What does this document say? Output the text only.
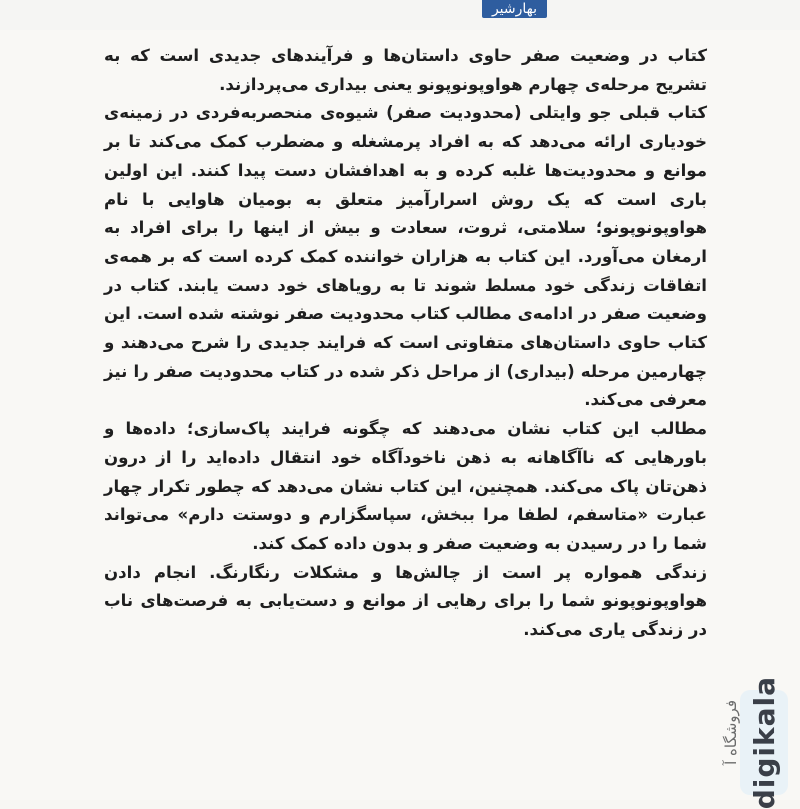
بهارشیر

کتاب در وضعیت صفر حاوی داستان‌ها و فرآیندهای جدیدی است که به تشریح مرحله‌ی چهارم هواوپونوپونو یعنی بیداری می‌پردازند.

کتاب قبلی جو وایتلی (محدودیت صفر) شیوه‌ی منحصربه‌فردی در زمینه‌ی خودیاری ارائه می‌دهد که به افراد پرمشغله و مضطرب کمک می‌کند تا بر موانع و محدودیت‌ها غلبه کرده و به اهدافشان دست پیدا کنند. این اولین باری است که یک روش اسرارآمیز متعلق به بومیان هاوایی با نام هواوپونوپونو؛ سلامتی، ثروت، سعادت و بیش از اینها را برای افراد به ارمغان می‌آورد. این کتاب به هزاران خواننده کمک کرده است که بر همه‌ی اتفاقات زندگی خود مسلط شوند تا به رویاهای خود دست یابند. کتاب در وضعیت صفر در ادامه‌ی مطالب کتاب محدودیت صفر نوشته شده است. این کتاب حاوی داستان‌های متفاوتی است که فرایند جدیدی را شرح می‌دهند و چهارمین مرحله (بیداری) از مراحل ذکر شده در کتاب محدودیت صفر را نیز معرفی می‌کند.

مطالب این کتاب نشان می‌دهند که چگونه فرایند پاک‌سازی؛ داده‌ها و باورهایی که ناآگاهانه به ذهن ناخودآگاه خود انتقال داده‌اید را از درون ذهن‌تان پاک می‌کند. همچنین، این کتاب نشان می‌دهد که چطور تکرار چهار عبارت «متاسفم، لطفا مرا ببخش، سپاسگزارم و دوستت دارم» می‌تواند شما را در رسیدن به وضعیت صفر و بدون داده کمک کند.

زندگی همواره پر است از چالش‌ها و مشکلات رنگارنگ. انجام دادن هواوپونوپونو شما را برای رهایی از موانع و دست‌یابی به فرصت‌های ناب در زندگی یاری می‌کند.

فروشگاه آ digikala
